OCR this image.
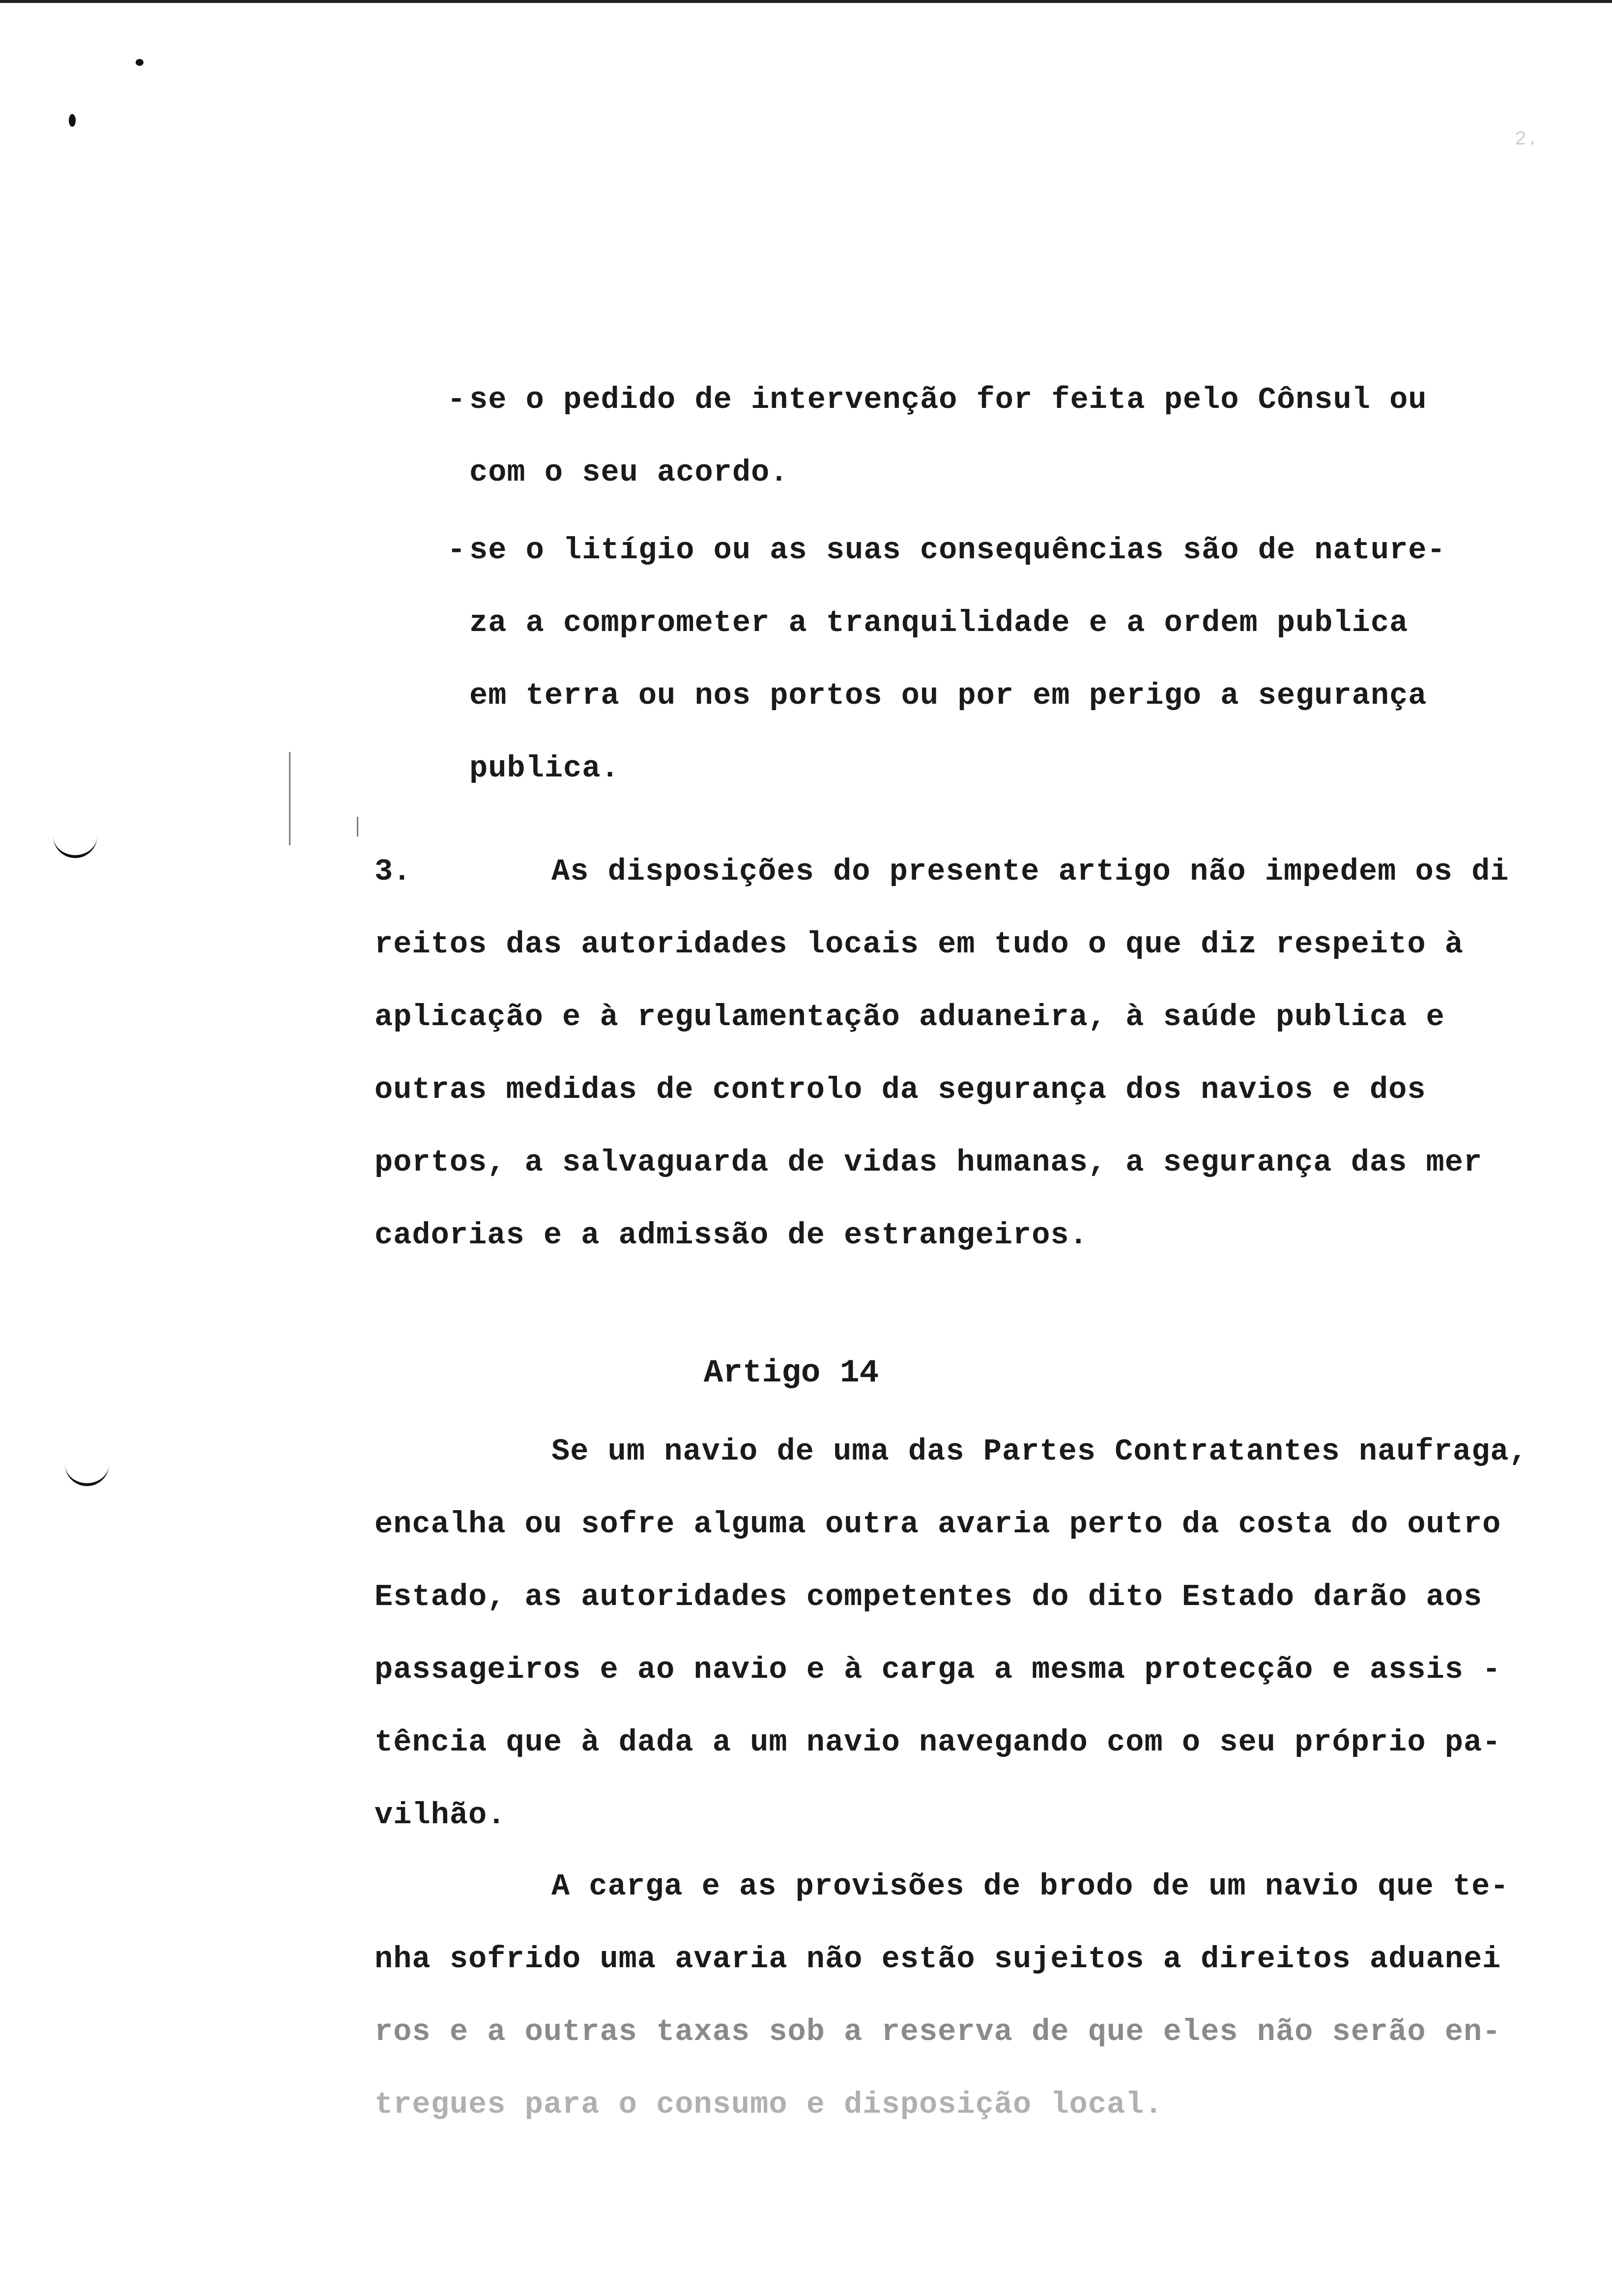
2.
- se o pedido de intervenção for feita pelo Cônsul ou
com o seu acordo.
- se o litígio ou as suas consequências são de nature-
za a comprometer a tranquilidade e a ordem publica
em terra ou nos portos ou por em perigo a segurança
publica.
3.	As disposições do presente artigo não impedem os di
reitos das autoridades locais em tudo o que diz respeito à
aplicação e à regulamentação aduaneira, à saúde publica e
outras medidas de controlo da segurança dos navios e dos
portos, a salvaguarda de vidas humanas, a segurança das mer
cadorias e a admissão de estrangeiros.
Artigo 14
Se um navio de uma das Partes Contratantes naufraga,
encalha ou sofre alguma outra avaria perto da costa do outro
Estado, as autoridades competentes do dito Estado darão aos
passageiros e ao navio e à carga a mesma protecção e assis -
tência que à dada a um navio navegando com o seu próprio pa-
vilhão.
A carga e as provisões de brodo de um navio que te-
nha sofrido uma avaria não estão sujeitos a direitos aduanei
ros e a outras taxas sob a reserva de que eles não serão en-
tregues para o consumo e disposição local.
